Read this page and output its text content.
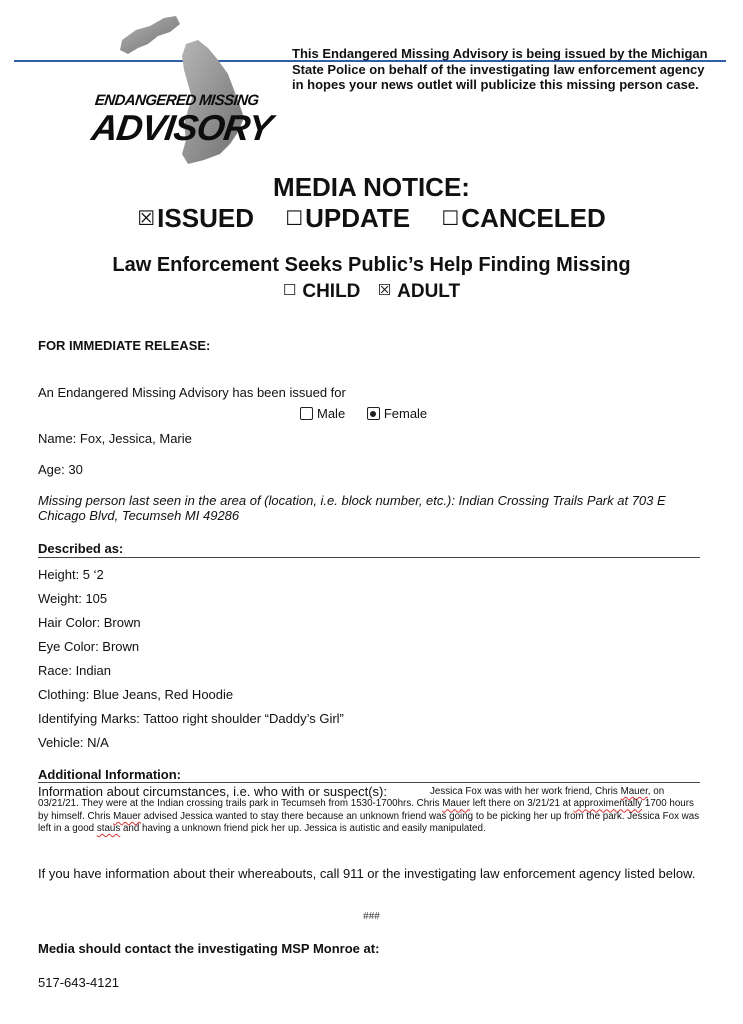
ENDANGERED MISSING
ADVISORY
This Endangered Missing Advisory is being issued by the Michigan State Police on behalf of the investigating law enforcement agency in hopes your news outlet will publicize this missing person case.
MEDIA NOTICE:
☒ISSUED ☐UPDATE ☐CANCELED
Law Enforcement Seeks Public’s Help Finding Missing
☐ CHILD ☒ ADULT
FOR IMMEDIATE RELEASE:
An Endangered Missing Advisory has been issued for
Male	Female
Name: Fox, Jessica, Marie
Age: 30
Missing person last seen in the area of (location, i.e. block number, etc.): Indian Crossing Trails Park at 703 E Chicago Blvd, Tecumseh MI 49286
Described as:
Height: 5 ‘2
Weight: 105
Hair Color: Brown
Eye Color: Brown
Race: Indian
Clothing: Blue Jeans, Red Hoodie
Identifying Marks: Tattoo right shoulder “Daddy’s Girl”
Vehicle: N/A
Additional Information:
Information about circumstances, i.e. who with or suspect(s):	Jessica Fox was with her work friend, Chris Mauer, on 03/21/21. They were at the Indian crossing trails park in Tecumseh from 1530-1700hrs. Chris Mauer left there on 3/21/21 at approximentally 1700 hours by himself. Chris Mauer advised Jessica wanted to stay there because an unknown friend was going to be picking her up from the park. Jessica Fox was left in a good staus and having a unknown friend pick her up. Jessica is autistic and easily manipulated.
If you have information about their whereabouts, call 911 or the investigating law enforcement agency listed below.
###
Media should contact the investigating MSP Monroe at:
517-643-4121
